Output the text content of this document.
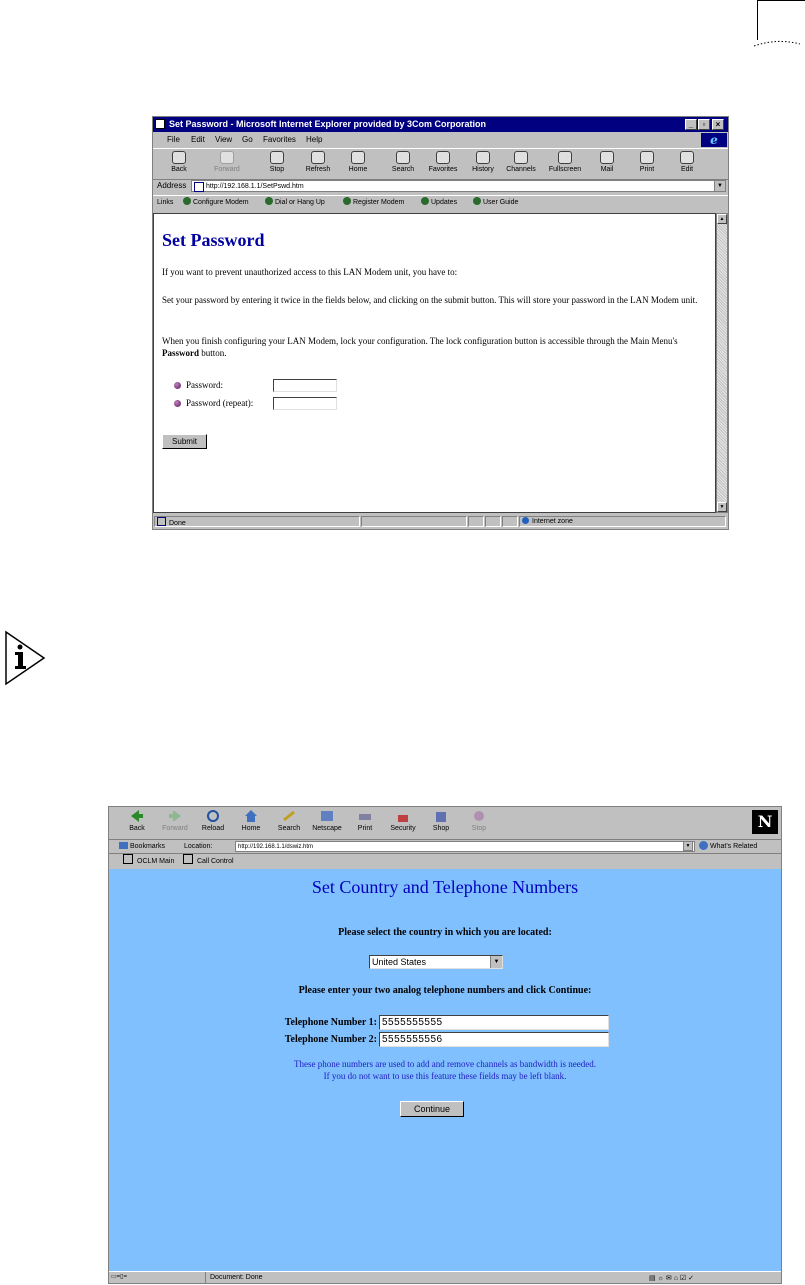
Set Password - Microsoft Internet Explorer provided by 3Com Corporation	_	▫	×
File Edit View Go Favorites Help	e
Back	Forward	Stop	Refresh	Home	Search	Favorites	History	Channels	Fullscreen	Mail	Print	Edit
Address	http://192.168.1.1/SetPswd.htm	▼
Links	Configure Modem	Dial or Hang Up	Register Modem	Updates	User Guide
Set Password
If you want to prevent unauthorized access to this LAN Modem unit, you have to:
Set your password by entering it twice in the fields below, and clicking on the submit button. This will store your password in the LAN Modem unit.
When you finish configuring your LAN Modem, lock your configuration. The lock configuration button is accessible through the Main Menu's Password button.
Password:
Password (repeat):
Submit
▲
▼
Done	Internet zone
Back	Forward	Reload	Home	Search	Netscape	Print	Security	Shop	Stop	N
Bookmarks	Location:	http://192.168.1.1/dswiz.htm	▼	What's Related
OCLM Main	Call Control
Set Country and Telephone Numbers
Please select the country in which you are located:
United States	▼
Please enter your two analog telephone numbers and click Continue:
Telephone Number 1: 5555555555
Telephone Number 2: 5555555556
These phone numbers are used to add and remove channels as bandwidth is needed.
If you do not want to use this feature these fields may be left blank.
Continue
▭=▯=	Document: Done	▤ ☼ ✉ ⌂ ☑ ✓
